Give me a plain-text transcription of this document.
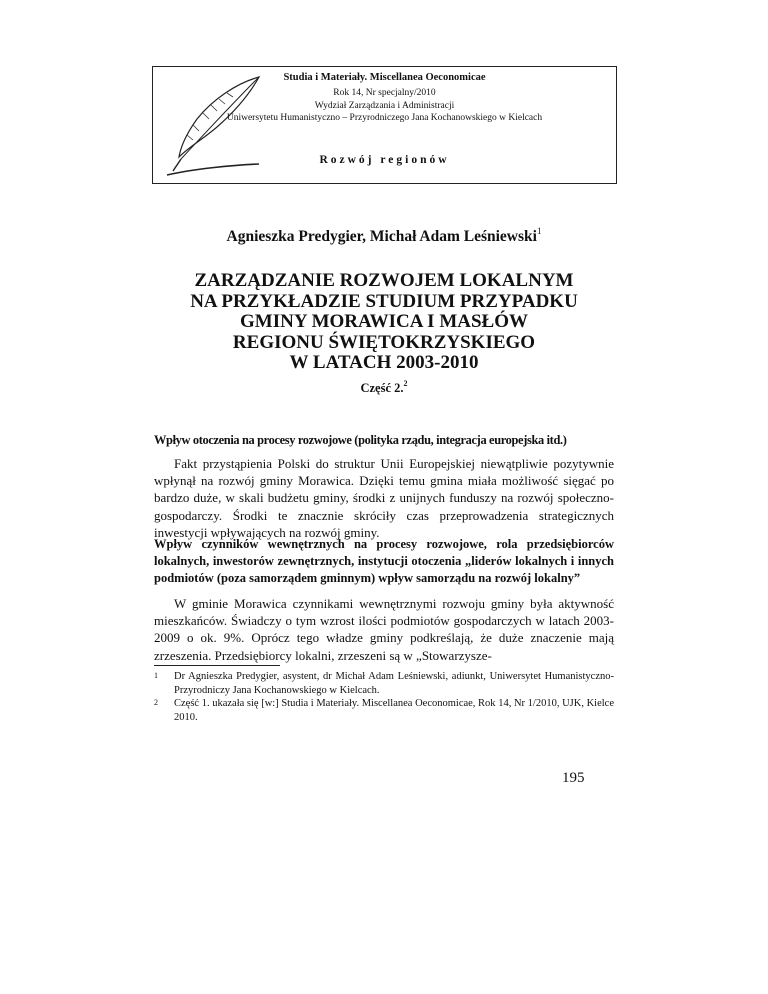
Studia i Materiały. Miscellanea Oeconomicae
Rok 14, Nr specjalny/2010
Wydział Zarządzania i Administracji
Uniwersytetu Humanistyczno – Przyrodniczego Jana Kochanowskiego w Kielcach
Rozwój regionów
Agnieszka Predygier, Michał Adam Leśniewski$^1$
ZARZĄDZANIE ROZWOJEM LOKALNYM
NA PRZYKŁADZIE STUDIUM PRZYPADKU
GMINY MORAWICA I MASŁÓW
REGIONU ŚWIĘTOKRZYSKIEGO
W LATACH 2003-2010
Część 2.$^2$
Wpływ otoczenia na procesy rozwojowe (polityka rządu, integracja europejska itd.)

Fakt przystąpienia Polski do struktur Unii Europejskiej niewątpliwie pozytywnie wpłynął na rozwój gminy Morawica. Dzięki temu gmina miała możliwość sięgać po bardzo duże, w skali budżetu gminy, środki z unijnych funduszy na rozwój społeczno-gospodarczy. Środki te znacznie skróciły czas przeprowadzenia strategicznych inwestycji wpływających na rozwój gminy.

Wpływ czynników wewnętrznych na procesy rozwojowe, rola przedsiębiorców lokalnych, inwestorów zewnętrznych, instytucji otoczenia „liderów lokalnych i innych podmiotów (poza samorządem gminnym) wpływ samorządu na rozwój lokalny”

W gminie Morawica czynnikami wewnętrznymi rozwoju gminy była aktywność mieszkańców. Świadczy o tym wzrost ilości podmiotów gospodarczych w latach 2003-2009 o ok. 9%. Oprócz tego władze gminy podkreślają, że duże znaczenie mają zrzeszenia. Przedsiębiorcy lokalni, zrzeszeni są w „Stowarzysze-

1 Dr Agnieszka Predygier, asystent, dr Michał Adam Leśniewski, adiunkt, Uniwersytet Humanistyczno-Przyrodniczy Jana Kochanowskiego w Kielcach.
2 Część 1. ukazała się [w:] Studia i Materiały. Miscellanea Oeconomicae, Rok 14, Nr 1/2010, UJK, Kielce 2010.
195
